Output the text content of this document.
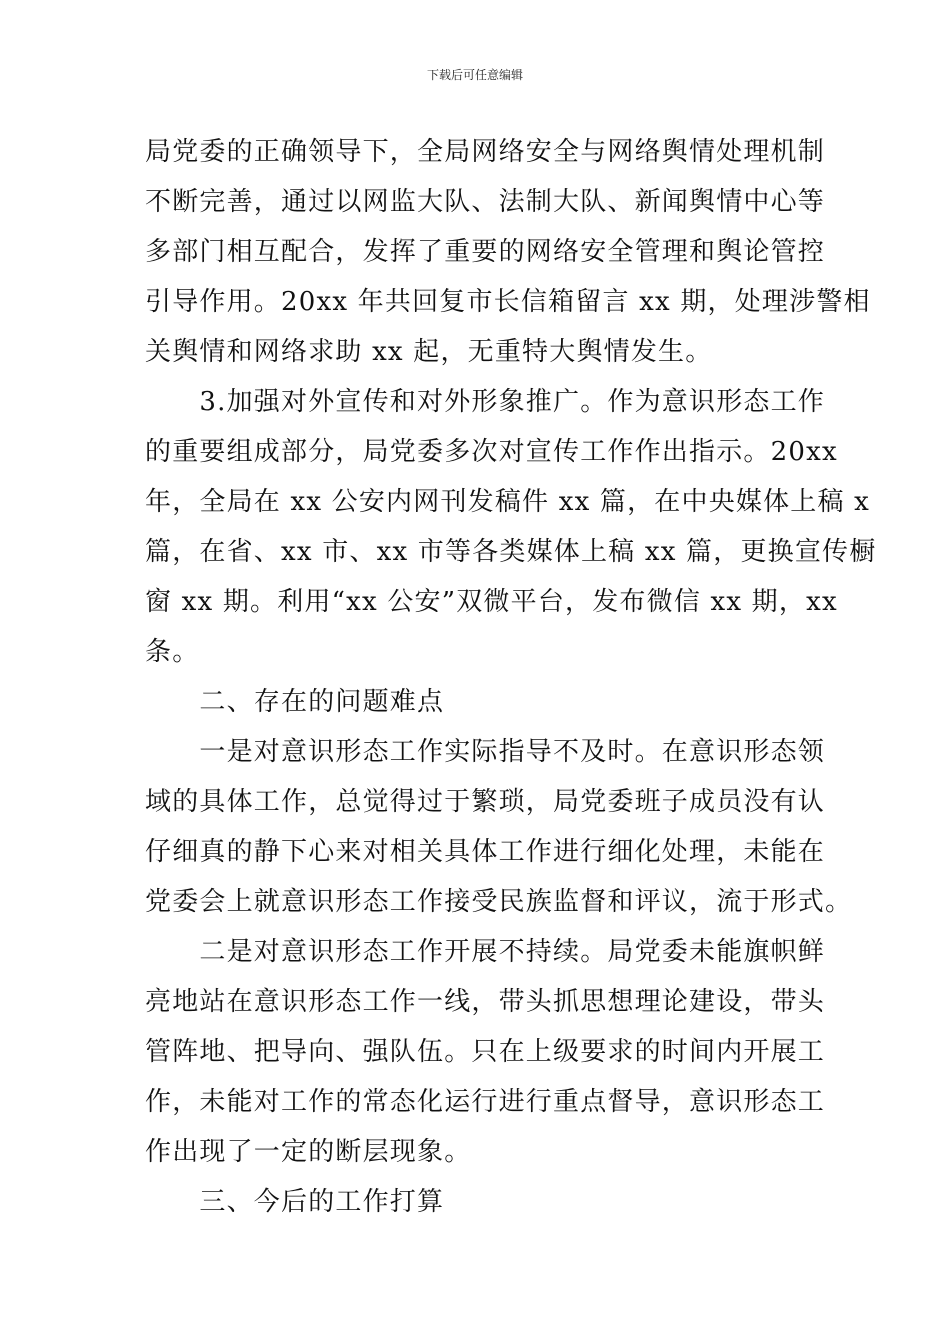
下载后可任意编辑
局党委的正确领导下，全局网络安全与网络舆情处理机制
不断完善，通过以网监大队、法制大队、新闻舆情中心等
多部门相互配合，发挥了重要的网络安全管理和舆论管控
引导作用。20xx 年共回复市长信箱留言 xx 期，处理涉警相
关舆情和网络求助 xx 起，无重特大舆情发生。
　　3.加强对外宣传和对外形象推广。作为意识形态工作
的重要组成部分，局党委多次对宣传工作作出指示。20xx
年，全局在 xx 公安内网刊发稿件 xx 篇，在中央媒体上稿 x
篇，在省、xx 市、xx 市等各类媒体上稿 xx 篇，更换宣传橱
窗 xx 期。利用“xx 公安”双微平台，发布微信 xx 期，xx
条。
　　二、存在的问题难点
　　一是对意识形态工作实际指导不及时。在意识形态领
域的具体工作，总觉得过于繁琐，局党委班子成员没有认
仔细真的静下心来对相关具体工作进行细化处理，未能在
党委会上就意识形态工作接受民族监督和评议，流于形式。
　　二是对意识形态工作开展不持续。局党委未能旗帜鲜
亮地站在意识形态工作一线，带头抓思想理论建设，带头
管阵地、把导向、强队伍。只在上级要求的时间内开展工
作，未能对工作的常态化运行进行重点督导，意识形态工
作出现了一定的断层现象。
　　三、今后的工作打算
